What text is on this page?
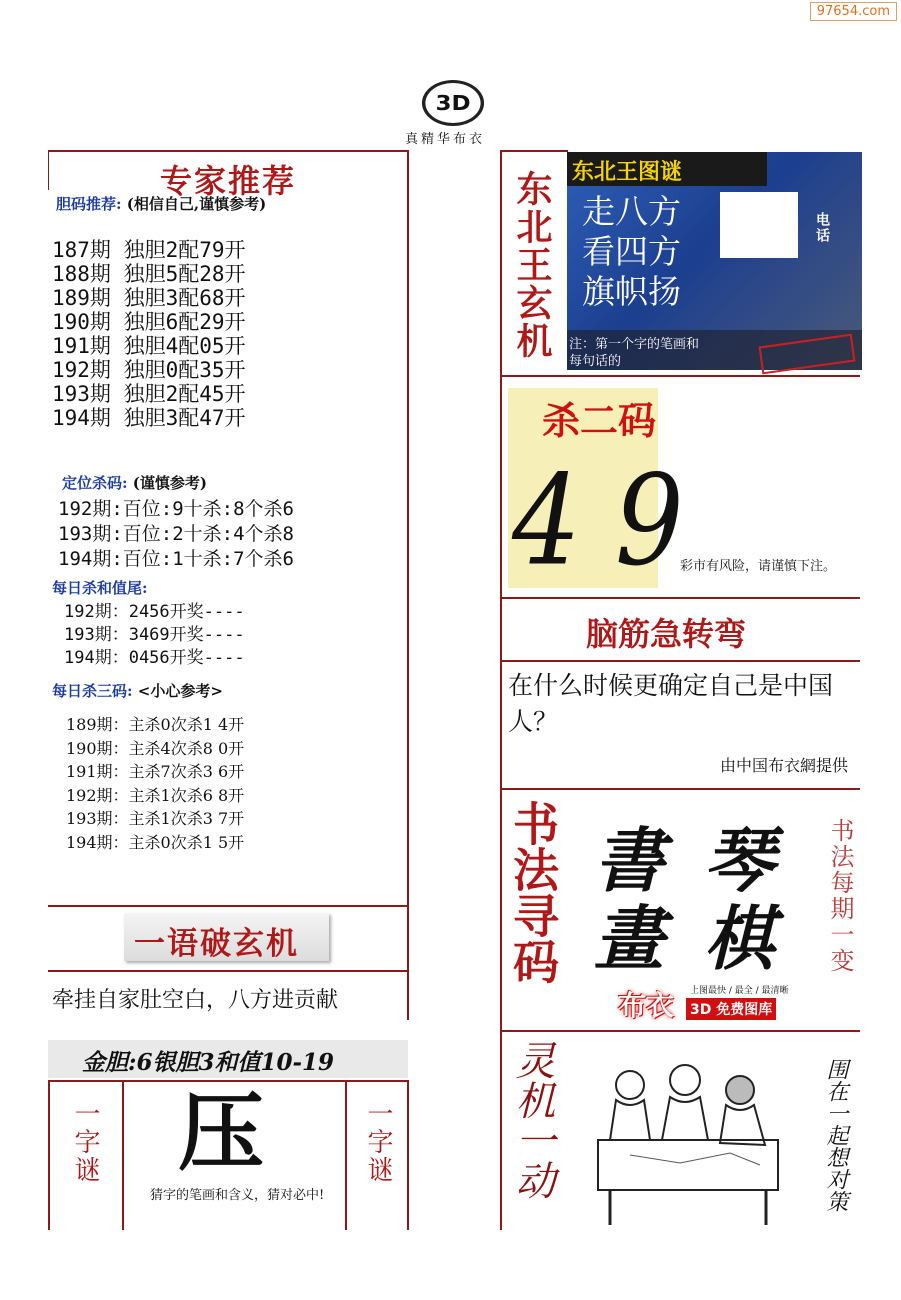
97654.com
3D
真精华布衣
专家推荐
胆码推荐: (相信自己,谨慎参考)
187期 独胆2配79开
188期 独胆5配28开
189期 独胆3配68开
190期 独胆6配29开
191期 独胆4配05开
192期 独胆0配35开
193期 独胆2配45开
194期 独胆3配47开
定位杀码: (谨慎参考)
192期:百位:9十杀:8个杀6
193期:百位:2十杀:4个杀8
194期:百位:1十杀:7个杀6
每日杀和值尾:
192期：2456开奖----
193期：3469开奖----
194期：0456开奖----
每日杀三码: <小心参考>
189期：主杀0次杀1 4开
190期：主杀4次杀8 0开
191期：主杀7次杀3 6开
192期：主杀1次杀6 8开
193期：主杀1次杀3 7开
194期：主杀0次杀1 5开
一语破玄机
牵挂自家肚空白，八方进贡献
金胆:6银胆3和值10-19
一字谜 压
猜字的笔画和含义，猜对必中!
一字谜
东北王玄机 东北王图谜
走八方
看四方
旗帜扬
电话
注：第一个字的笔画和每句话的
杀二码
4 9
彩市有风险，请谨慎下注。
脑筋急转弯
在什么时候更确定自己是中国人？
由中国布衣網提供
书法寻码 書 琴
畫 棋	书法每期一变
布衣 上图最快 / 最全 / 最清晰
3D 免费图库
灵机一动	围在一起想对策
